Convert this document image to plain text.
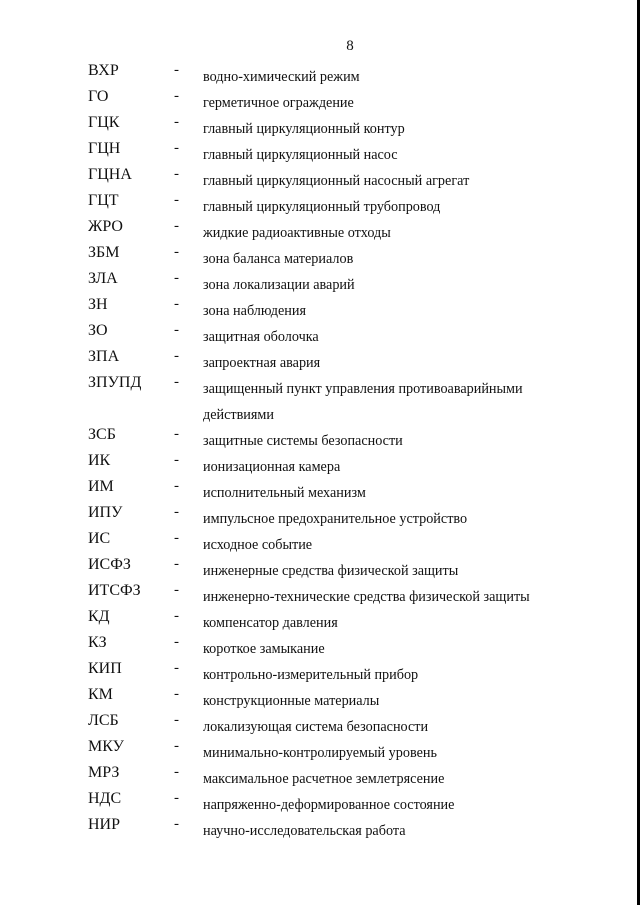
8
ВХР	- водно-химический режим
ГО	- герметичное ограждение
ГЦК	- главный циркуляционный контур
ГЦН	- главный циркуляционный насос
ГЦНА	- главный циркуляционный насосный агрегат
ГЦТ	- главный циркуляционный трубопровод
ЖРО	- жидкие радиоактивные отходы
ЗБМ	- зона баланса материалов
ЗЛА	- зона локализации аварий
ЗН	- зона наблюдения
ЗО	- защитная оболочка
ЗПА	- запроектная авария
ЗПУПД - защищенный пункт управления противоаварийными действиями
ЗСБ	- защитные системы безопасности
ИК	- ионизационная камера
ИМ	- исполнительный механизм
ИПУ	- импульсное предохранительное устройство
ИС	- исходное событие
ИСФЗ	- инженерные средства физической защиты
ИТСФЗ - инженерно-технические средства физической защиты
КД	- компенсатор давления
КЗ	- короткое замыкание
КИП	- контрольно-измерительный прибор
КМ	- конструкционные материалы
ЛСБ	- локализующая система безопасности
МКУ	- минимально-контролируемый уровень
МРЗ	- максимальное расчетное землетрясение
НДС	- напряженно-деформированное состояние
НИР	- научно-исследовательская работа
